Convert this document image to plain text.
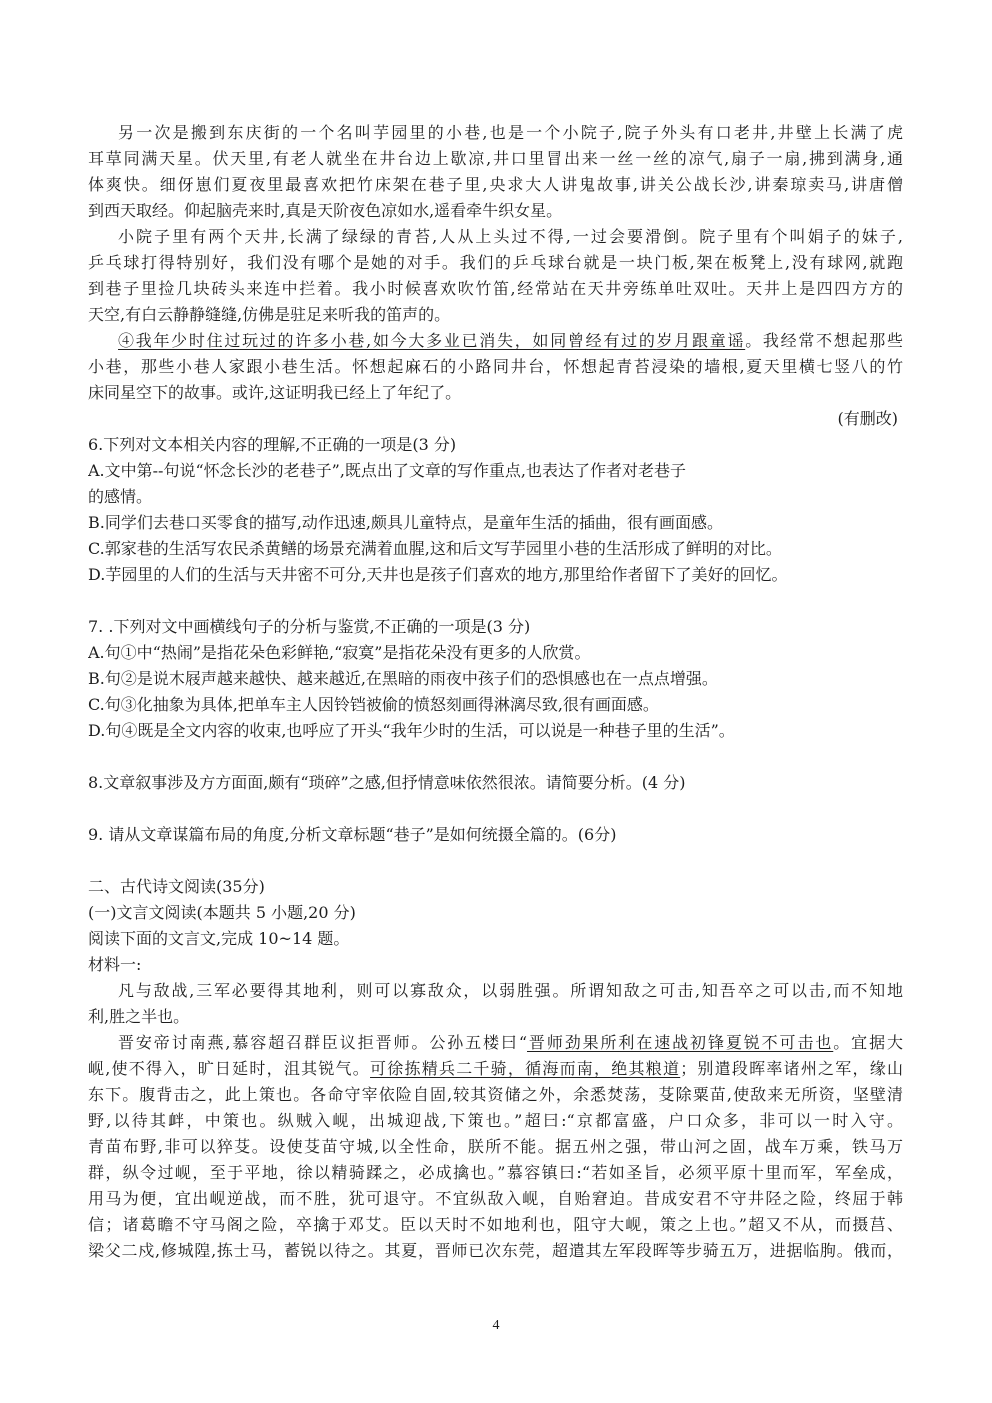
另一次是搬到东庆街的一个名叫芋园里的小巷,也是一个小院子,院子外头有口老井,井壁上长满了虎
耳草同满天星。伏天里,有老人就坐在井台边上歇凉,井口里冒出来一丝一丝的凉气,扇子一扇,拂到满身,通
体爽快。细伢崽们夏夜里最喜欢把竹床架在巷子里,央求大人讲鬼故事,讲关公战长沙,讲秦琼卖马,讲唐僧
到西天取经。仰起脑壳来时,真是天阶夜色凉如水,遥看牵牛织女星。
小院子里有两个天井,长满了绿绿的青苔,人从上头过不得,一过会要滑倒。院子里有个叫娟子的妹子,
乒乓球打得特别好，我们没有哪个是她的对手。我们的乒乓球台就是一块门板,架在板凳上,没有球网,就跑
到巷子里捡几块砖头来连中拦着。我小时候喜欢吹竹笛,经常站在天井旁练单吐双吐。天井上是四四方方的
天空,有白云静静缝缝,仿佛是驻足来听我的笛声的。
④我年少时住过玩过的许多小巷,如今大多业已消失，如同曾经有过的岁月跟童谣。我经常不想起那些
小巷，那些小巷人家跟小巷生活。怀想起麻石的小路同井台，怀想起青苔浸染的墙根,夏天里横七竖八的竹
床同星空下的故事。或许,这证明我已经上了年纪了。
(有删改)
6.下列对文本相关内容的理解,不正确的一项是(3 分)
A.文中第--句说“怀念长沙的老巷子”,既点出了文章的写作重点,也表达了作者对老巷子
的感情。
B.同学们去巷口买零食的描写,动作迅速,颇具儿童特点，是童年生活的插曲，很有画面感。
C.郭家巷的生活写农民杀黄鳝的场景充满着血腥,这和后文写芋园里小巷的生活形成了鲜明的对比。
D.芋园里的人们的生活与天井密不可分,天井也是孩子们喜欢的地方,那里给作者留下了美好的回忆。
7. .下列对文中画横线句子的分析与鉴赏,不正确的一项是(3 分)
A.句①中“热闹”是指花朵色彩鲜艳,“寂寞”是指花朵没有更多的人欣赏。
B.句②是说木屐声越来越快、越来越近,在黑暗的雨夜中孩子们的恐惧感也在一点点增强。
C.句③化抽象为具体,把单车主人因铃铛被偷的愤怒刻画得淋漓尽致,很有画面感。
D.句④既是全文内容的收束,也呼应了开头“我年少时的生活，可以说是一种巷子里的生活”。
8.文章叙事涉及方方面面,颇有“琐碎”之感,但抒情意味依然很浓。请简要分析。(4 分)
9. 请从文章谋篇布局的角度,分析文章标题“巷子”是如何统摄全篇的。(6分)
二、古代诗文阅读(35分)
(一)文言文阅读(本题共 5 小题,20 分)
阅读下面的文言文,完成 10~14 题。
材料一:
凡与敌战,三军必要得其地利，则可以寡敌众，以弱胜强。所谓知敌之可击,知吾卒之可以击,而不知地
利,胜之半也。
晋安帝讨南燕,慕容超召群臣议拒晋师。公孙五楼曰“晋师劲果所利在速战初锋夏锐不可击也。宜据大
岘,使不得入，旷日延时，沮其锐气。可徐拣精兵二千骑，循海而南，绝其粮道；别遣段晖率诸州之军，缘山
东下。腹背击之，此上策也。各命守宰依险自固,较其资储之外，余悉焚荡，芟除粟苗,使敌来无所资，坚壁清
野,以待其衅，中策也。纵贼入岘，出城迎战,下策也。”超曰:“京都富盛，户口众多，非可以一时入守。
青苗布野,非可以猝芟。设使芟苗守城,以全性命，朕所不能。据五州之强，带山河之固，战车万乘，铁马万
群，纵令过岘，至于平地，徐以精骑蹂之，必成擒也。”慕容镇曰:“若如圣旨，必须平原十里而军，军垒成，
用马为便，宜出岘逆战，而不胜，犹可退守。不宜纵敌入岘，自贻窘迫。昔成安君不守井陉之险，终屈于韩
信；诸葛瞻不守马阁之险，卒擒于邓艾。臣以天时不如地利也，阻守大岘，策之上也。”超又不从，而摄莒、
梁父二戍,修城隍,拣士马，蓄锐以待之。其夏，晋师已次东莞，超遣其左军段晖等步骑五万，进据临朐。俄而，
4
